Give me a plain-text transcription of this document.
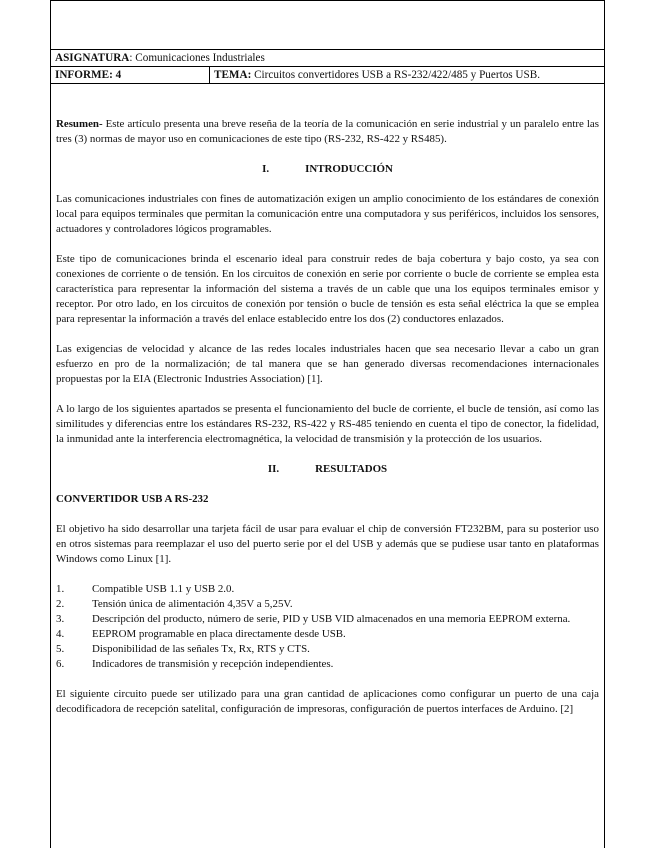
ASIGNATURA: Comunicaciones Industriales
INFORME: 4	TEMA: Circuitos convertidores USB a RS-232/422/485 y Puertos USB.

Resumen- Este artículo presenta una breve reseña de la teoría de la comunicación en serie industrial y un paralelo entre las tres (3) normas de mayor uso en comunicaciones de este tipo (RS-232, RS-422 y RS485).

I.	INTRODUCCIÓN

Las comunicaciones industriales con fines de automatización exigen un amplio conocimiento de los estándares de conexión local para equipos terminales que permitan la comunicación entre una computadora y sus periféricos, incluidos los sensores, actuadores y controladores lógicos programables.

Este tipo de comunicaciones brinda el escenario ideal para construir redes de baja cobertura y bajo costo, ya sea con conexiones de corriente o de tensión. En los circuitos de conexión en serie por corriente o bucle de corriente se emplea esta característica para representar la información del sistema a través de un cable que una los equipos terminales emisor y receptor. Por otro lado, en los circuitos de conexión por tensión o bucle de tensión es esta señal eléctrica la que se emplea para representar la información a través del enlace establecido entre los dos (2) conductores enlazados.

Las exigencias de velocidad y alcance de las redes locales industriales hacen que sea necesario llevar a cabo un gran esfuerzo en pro de la normalización; de tal manera que se han generado diversas recomendaciones internacionales propuestas por la EIA (Electronic Industries Association) [1].

A lo largo de los siguientes apartados se presenta el funcionamiento del bucle de corriente, el bucle de tensión, así como las similitudes y diferencias entre los estándares RS-232, RS-422 y RS-485 teniendo en cuenta el tipo de conector, la fidelidad, la inmunidad ante la interferencia electromagnética, la velocidad de transmisión y la protección de los usuarios.

II.	RESULTADOS

CONVERTIDOR USB A RS-232

El objetivo ha sido desarrollar una tarjeta fácil de usar para evaluar el chip de conversión FT232BM, para su posterior uso en otros sistemas para reemplazar el uso del puerto serie por el del USB y además que se pudiese usar tanto en plataformas Windows como Linux [1].

1.	Compatible USB 1.1 y USB 2.0.
2.	Tensión única de alimentación 4,35V a 5,25V.
3.	Descripción del producto, número de serie, PID y USB VID almacenados en una memoria EEPROM externa.
4.	EEPROM programable en placa directamente desde USB.
5.	Disponibilidad de las señales Tx, Rx, RTS y CTS.
6.	Indicadores de transmisión y recepción independientes.

El siguiente circuito puede ser utilizado para una gran cantidad de aplicaciones como configurar un puerto de una caja decodificadora de recepción satelital, configuración de impresoras, configuración de puertos interfaces de Arduino. [2]
